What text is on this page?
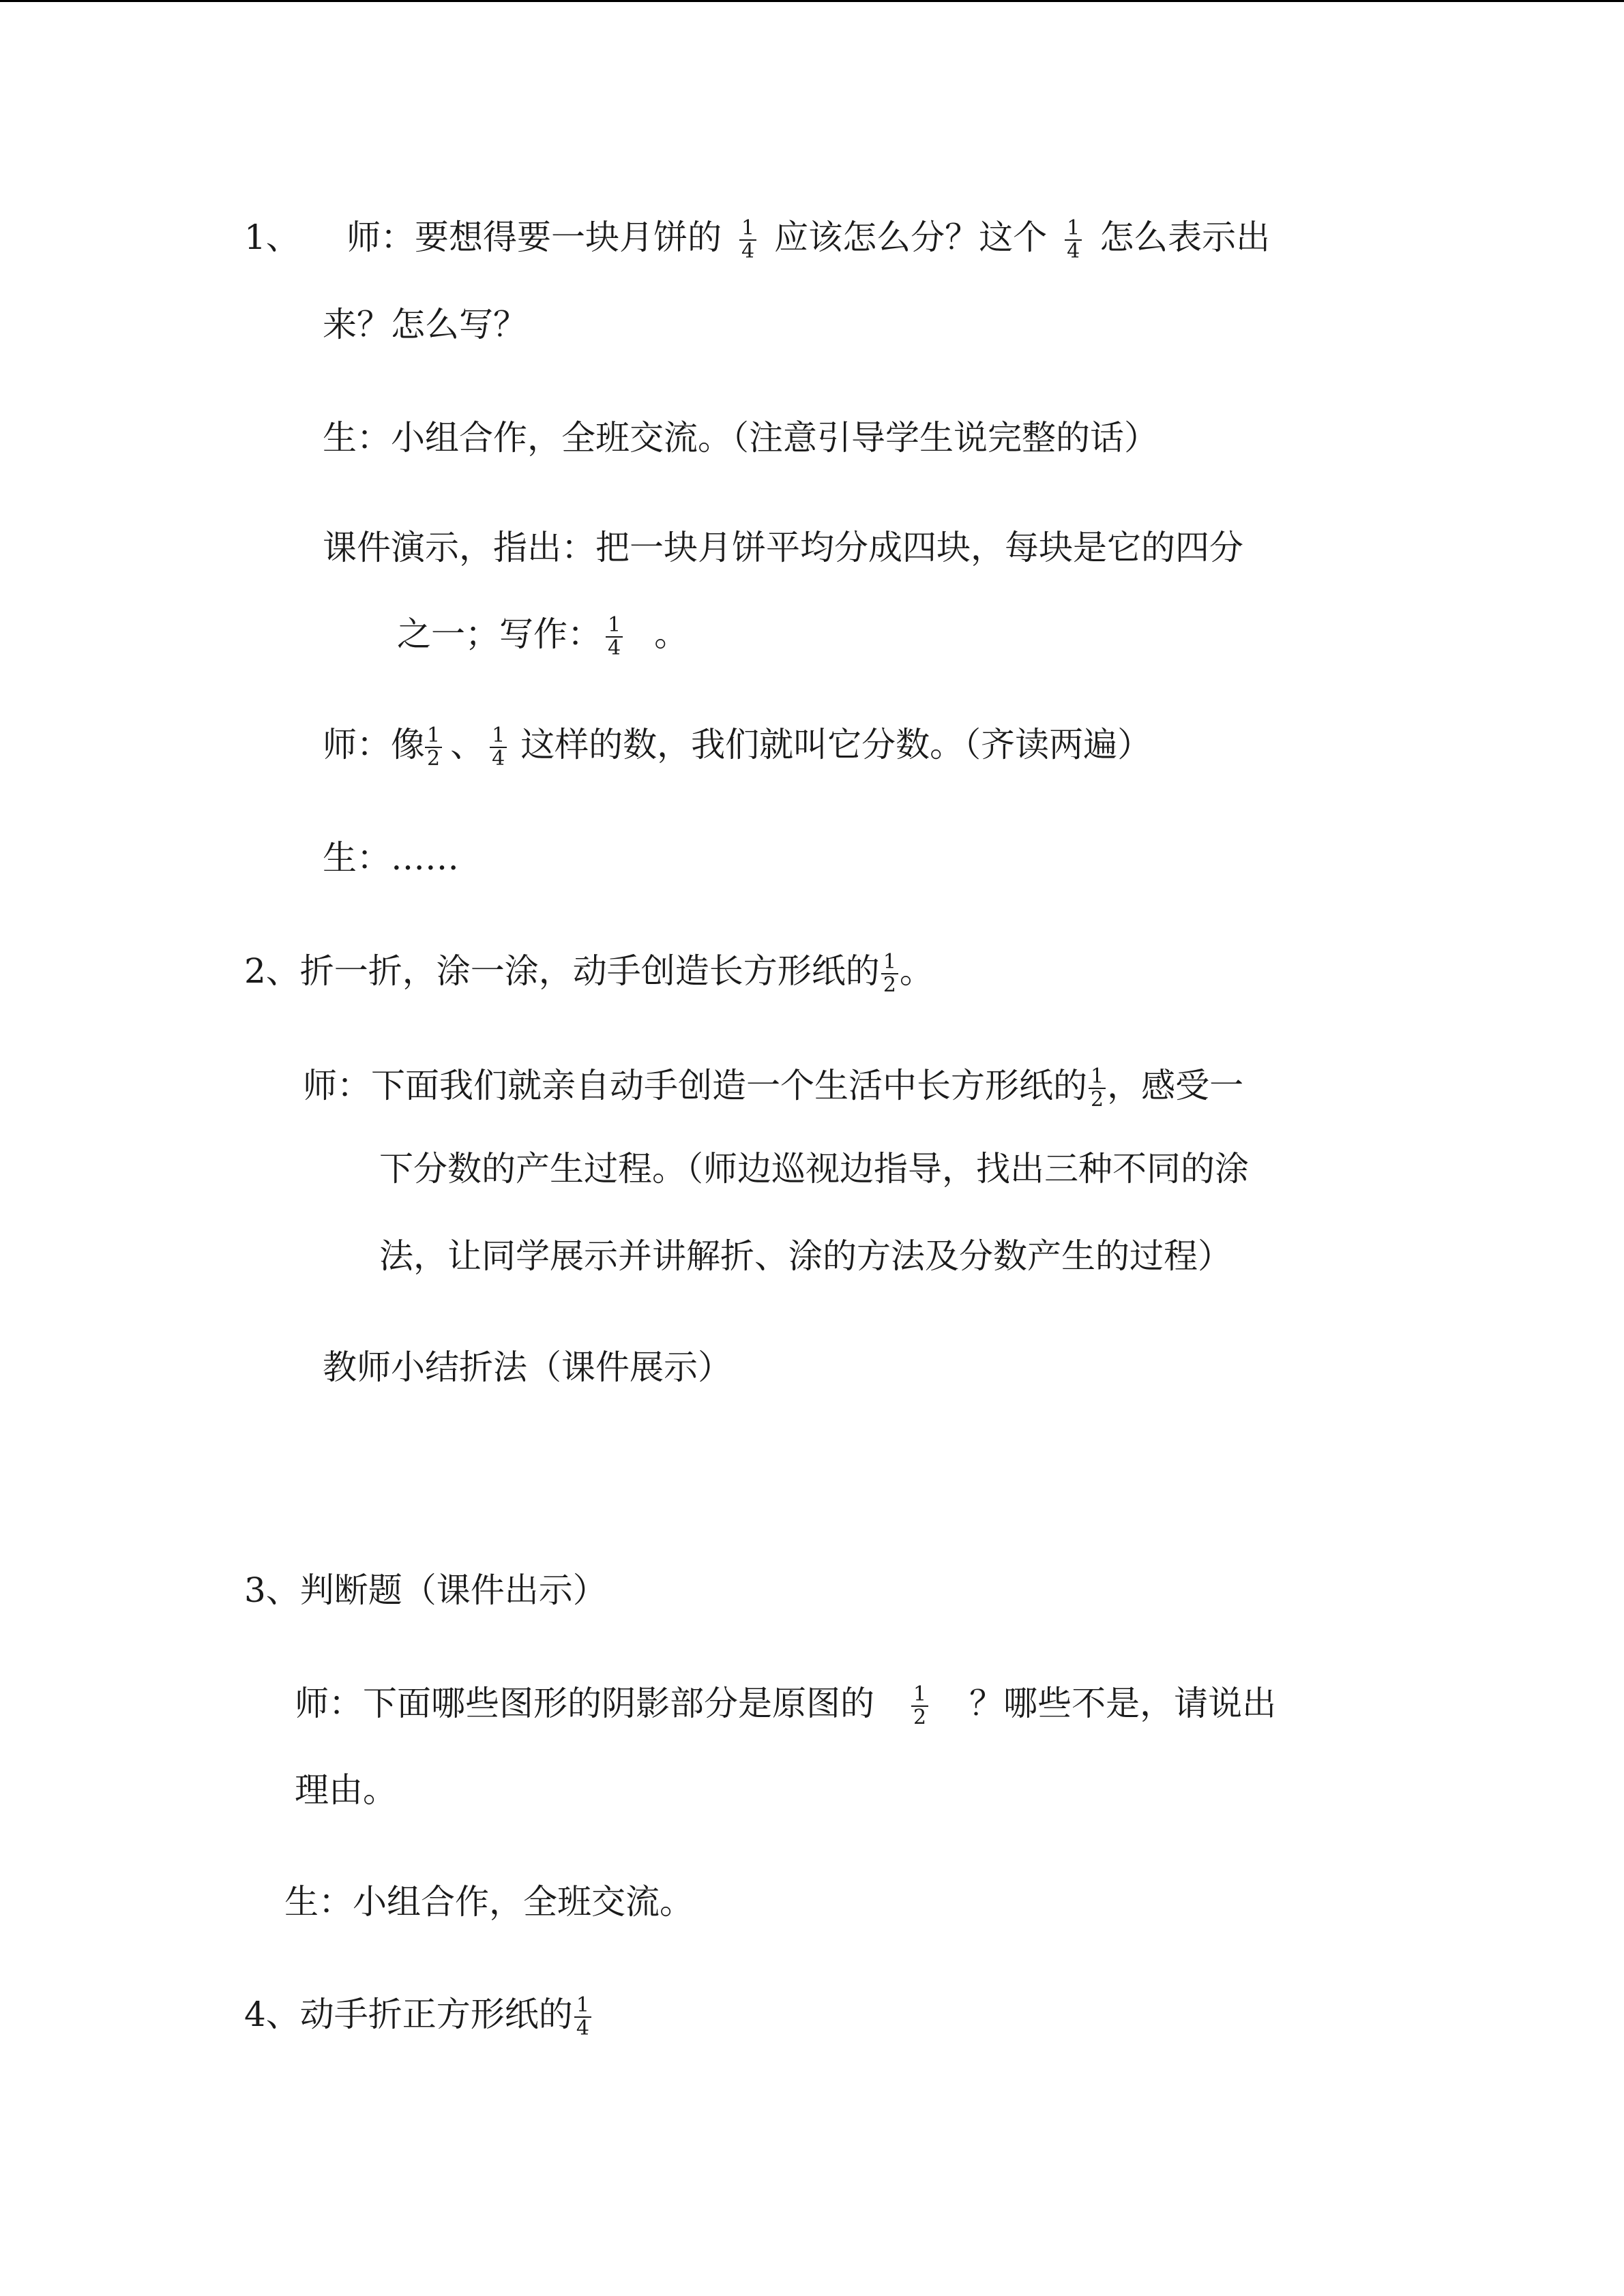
1、 师：要想得要一块月饼的 $\frac{1}{4}$ 应该怎么分？这个 $\frac{1}{4}$ 怎么表示出
来？怎么写？
生：小组合作，全班交流。（注意引导学生说完整的话）
课件演示，指出：把一块月饼平均分成四块，每块是它的四分
之一；写作： $\frac{1}{4}$ 。
师：像 $\frac{1}{2}$ 、 $\frac{1}{4}$ 这样的数，我们就叫它分数。（齐读两遍）
生：……
2、折一折，涂一涂，动手创造长方形纸的 $\frac{1}{2}$ 。
师：下面我们就亲自动手创造一个生活中长方形纸的 $\frac{1}{2}$ ，感受一
下分数的产生过程。（师边巡视边指导，找出三种不同的涂
法，让同学展示并讲解折、涂的方法及分数产生的过程）
教师小结折法（课件展示）
3、判断题（课件出示）
师：下面哪些图形的阴影部分是原图的 $\frac{1}{2}$ ？哪些不是，请说出
理由。
生：小组合作，全班交流。
4、动手折正方形纸的 $\frac{1}{4}$
